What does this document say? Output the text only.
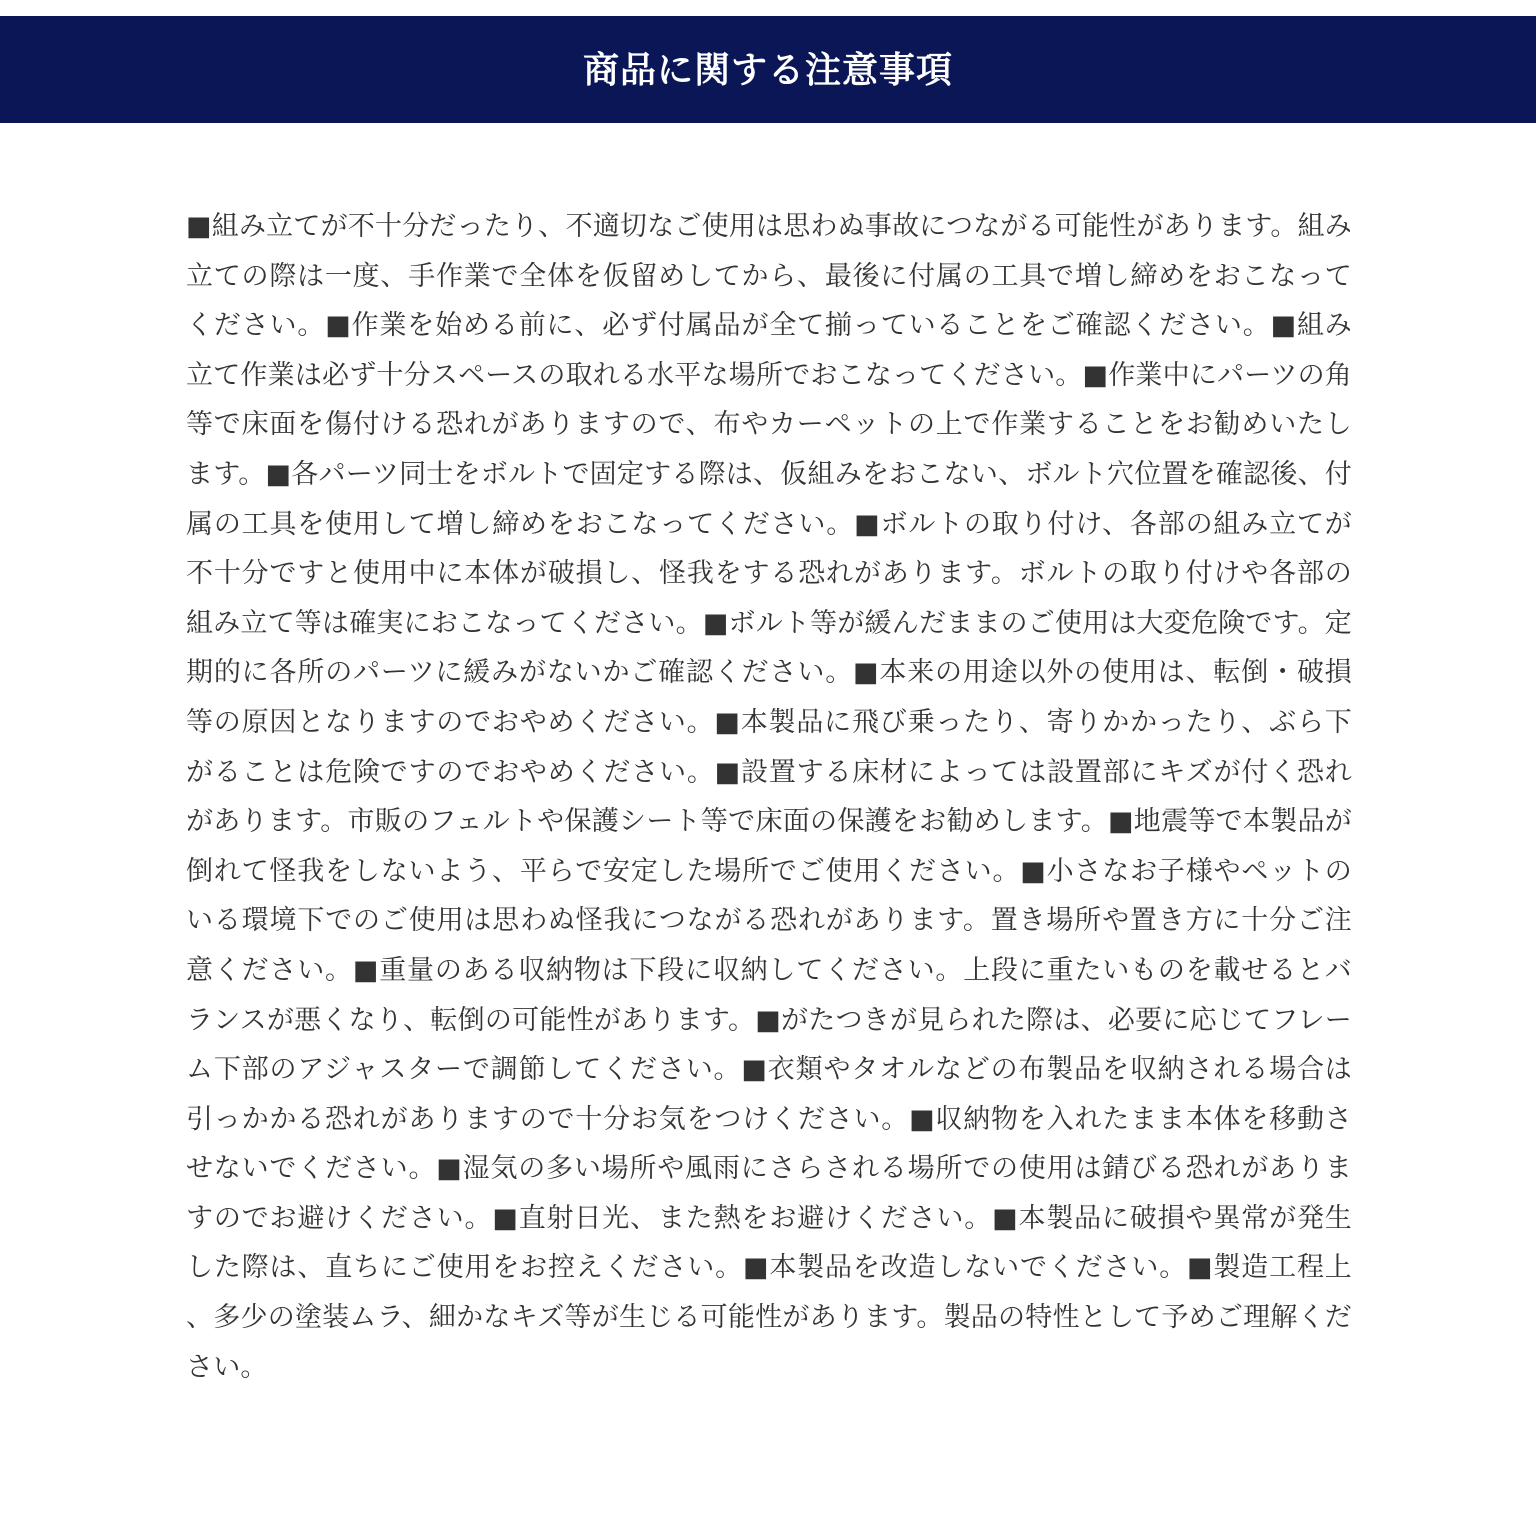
商品に関する注意事項
■組み立てが不十分だったり、不適切なご使用は思わぬ事故につながる可能性があります。組み立ての際は一度、手作業で全体を仮留めしてから、最後に付属の工具で増し締めをおこなってください。■作業を始める前に、必ず付属品が全て揃っていることをご確認ください。■組み立て作業は必ず十分スペースの取れる水平な場所でおこなってください。■作業中にパーツの角等で床面を傷付ける恐れがありますので、布やカーペットの上で作業することをお勧めいたします。■各パーツ同士をボルトで固定する際は、仮組みをおこない、ボルト穴位置を確認後、付属の工具を使用して増し締めをおこなってください。■ボルトの取り付け、各部の組み立てが不十分ですと使用中に本体が破損し、怪我をする恐れがあります。ボルトの取り付けや各部の組み立て等は確実におこなってください。■ボルト等が緩んだままのご使用は大変危険です。定期的に各所のパーツに緩みがないかご確認ください。■本来の用途以外の使用は、転倒・破損等の原因となりますのでおやめください。■本製品に飛び乗ったり、寄りかかったり、ぶら下がることは危険ですのでおやめください。■設置する床材によっては設置部にキズが付く恐れがあります。市販のフェルトや保護シート等で床面の保護をお勧めします。■地震等で本製品が倒れて怪我をしないよう、平らで安定した場所でご使用ください。■小さなお子様やペットのいる環境下でのご使用は思わぬ怪我につながる恐れがあります。置き場所や置き方に十分ご注意ください。■重量のある収納物は下段に収納してください。上段に重たいものを載せるとバランスが悪くなり、転倒の可能性があります。■がたつきが見られた際は、必要に応じてフレーム下部のアジャスターで調節してください。■衣類やタオルなどの布製品を収納される場合は引っかかる恐れがありますので十分お気をつけください。■収納物を入れたまま本体を移動させないでください。■湿気の多い場所や風雨にさらされる場所での使用は錆びる恐れがありますのでお避けください。■直射日光、また熱をお避けください。■本製品に破損や異常が発生した際は、直ちにご使用をお控えください。■本製品を改造しないでください。■製造工程上、多少の塗装ムラ、細かなキズ等が生じる可能性があります。製品の特性として予めご理解ください。
